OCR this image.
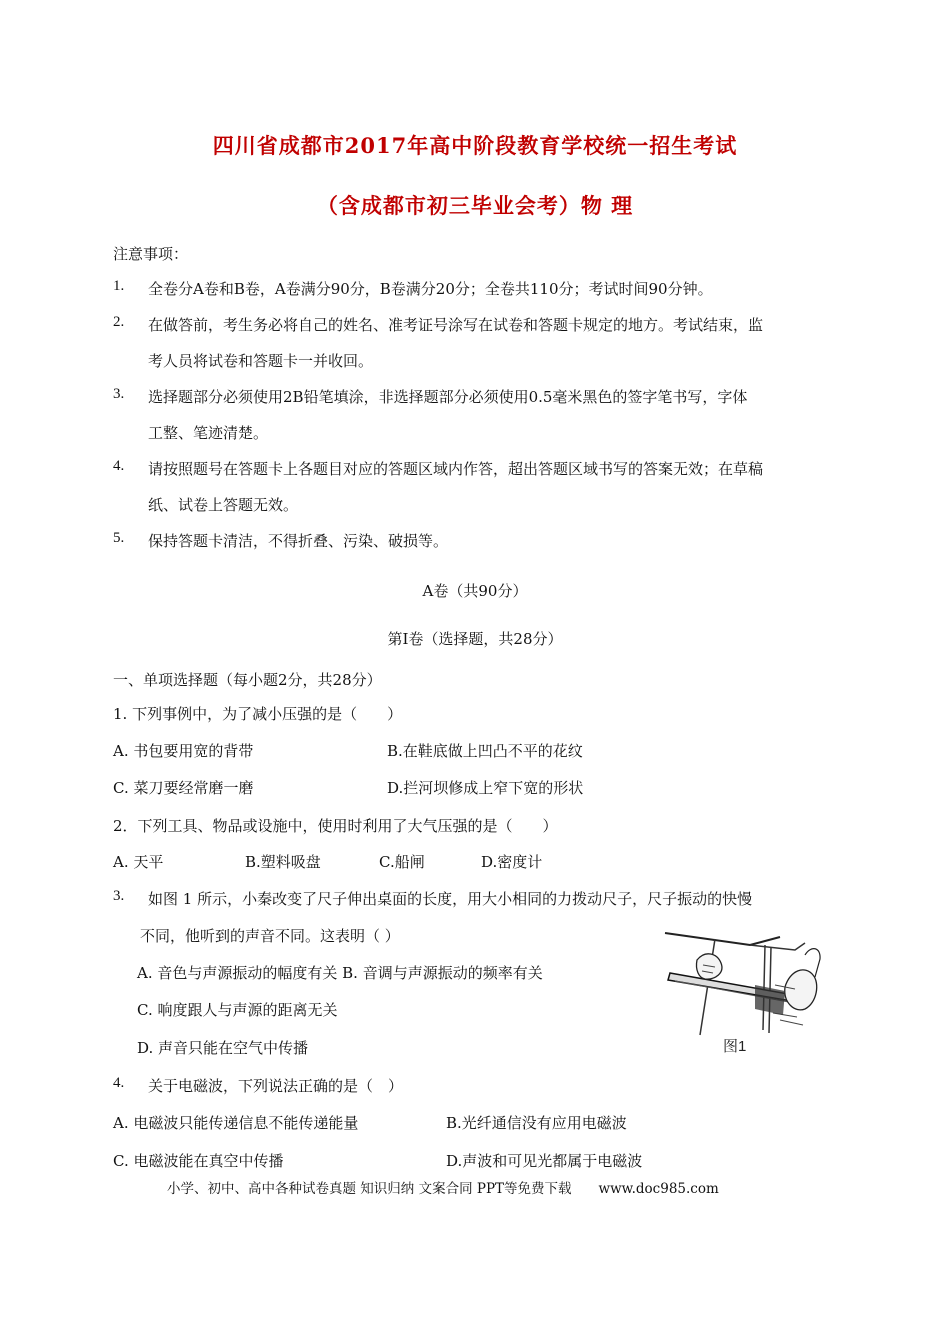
四川省成都市2017年高中阶段教育学校统一招生考试
（含成都市初三毕业会考）物 理
注意事项：
1. 全卷分A卷和B卷，A卷满分90分，B卷满分20分；全卷共110分；考试时间90分钟。
2. 在做答前，考生务必将自己的姓名、准考证号涂写在试卷和答题卡规定的地方。考试结束，监
考人员将试卷和答题卡一并收回。
3. 选择题部分必须使用2B铅笔填涂，非选择题部分必须使用0.5毫米黑色的签字笔书写，字体
工整、笔迹清楚。
4. 请按照题号在答题卡上各题目对应的答题区域内作答，超出答题区域书写的答案无效；在草稿
纸、试卷上答题无效。
5. 保持答题卡清洁，不得折叠、污染、破损等。
A卷（共90分）
第I卷（选择题，共28分）
一、单项选择题（每小题2分，共28分）
1. 下列事例中，为了减小压强的是（　　）
A. 书包要用宽的背带	B.在鞋底做上凹凸不平的花纹
C. 菜刀要经常磨一磨	D.拦河坝修成上窄下宽的形状
2．下列工具、物品或设施中，使用时利用了大气压强的是（　　）
A. 天平	B.塑料吸盘	C.船闸	D.密度计
3. 如图 1 所示，小秦改变了尺子伸出桌面的长度，用大小相同的力拨动尺子，尺子振动的快慢
不同，他听到的声音不同。这表明（ ）
A. 音色与声源振动的幅度有关 B. 音调与声源振动的频率有关
C. 响度跟人与声源的距离无关
D. 声音只能在空气中传播	图1
4. 关于电磁波，下列说法正确的是（　）
A. 电磁波只能传递信息不能传递能量	B.光纤通信没有应用电磁波
C. 电磁波能在真空中传播	D.声波和可见光都属于电磁波
小学、初中、高中各种试卷真题 知识归纳 文案合同 PPT等免费下载　　www.doc985.com
